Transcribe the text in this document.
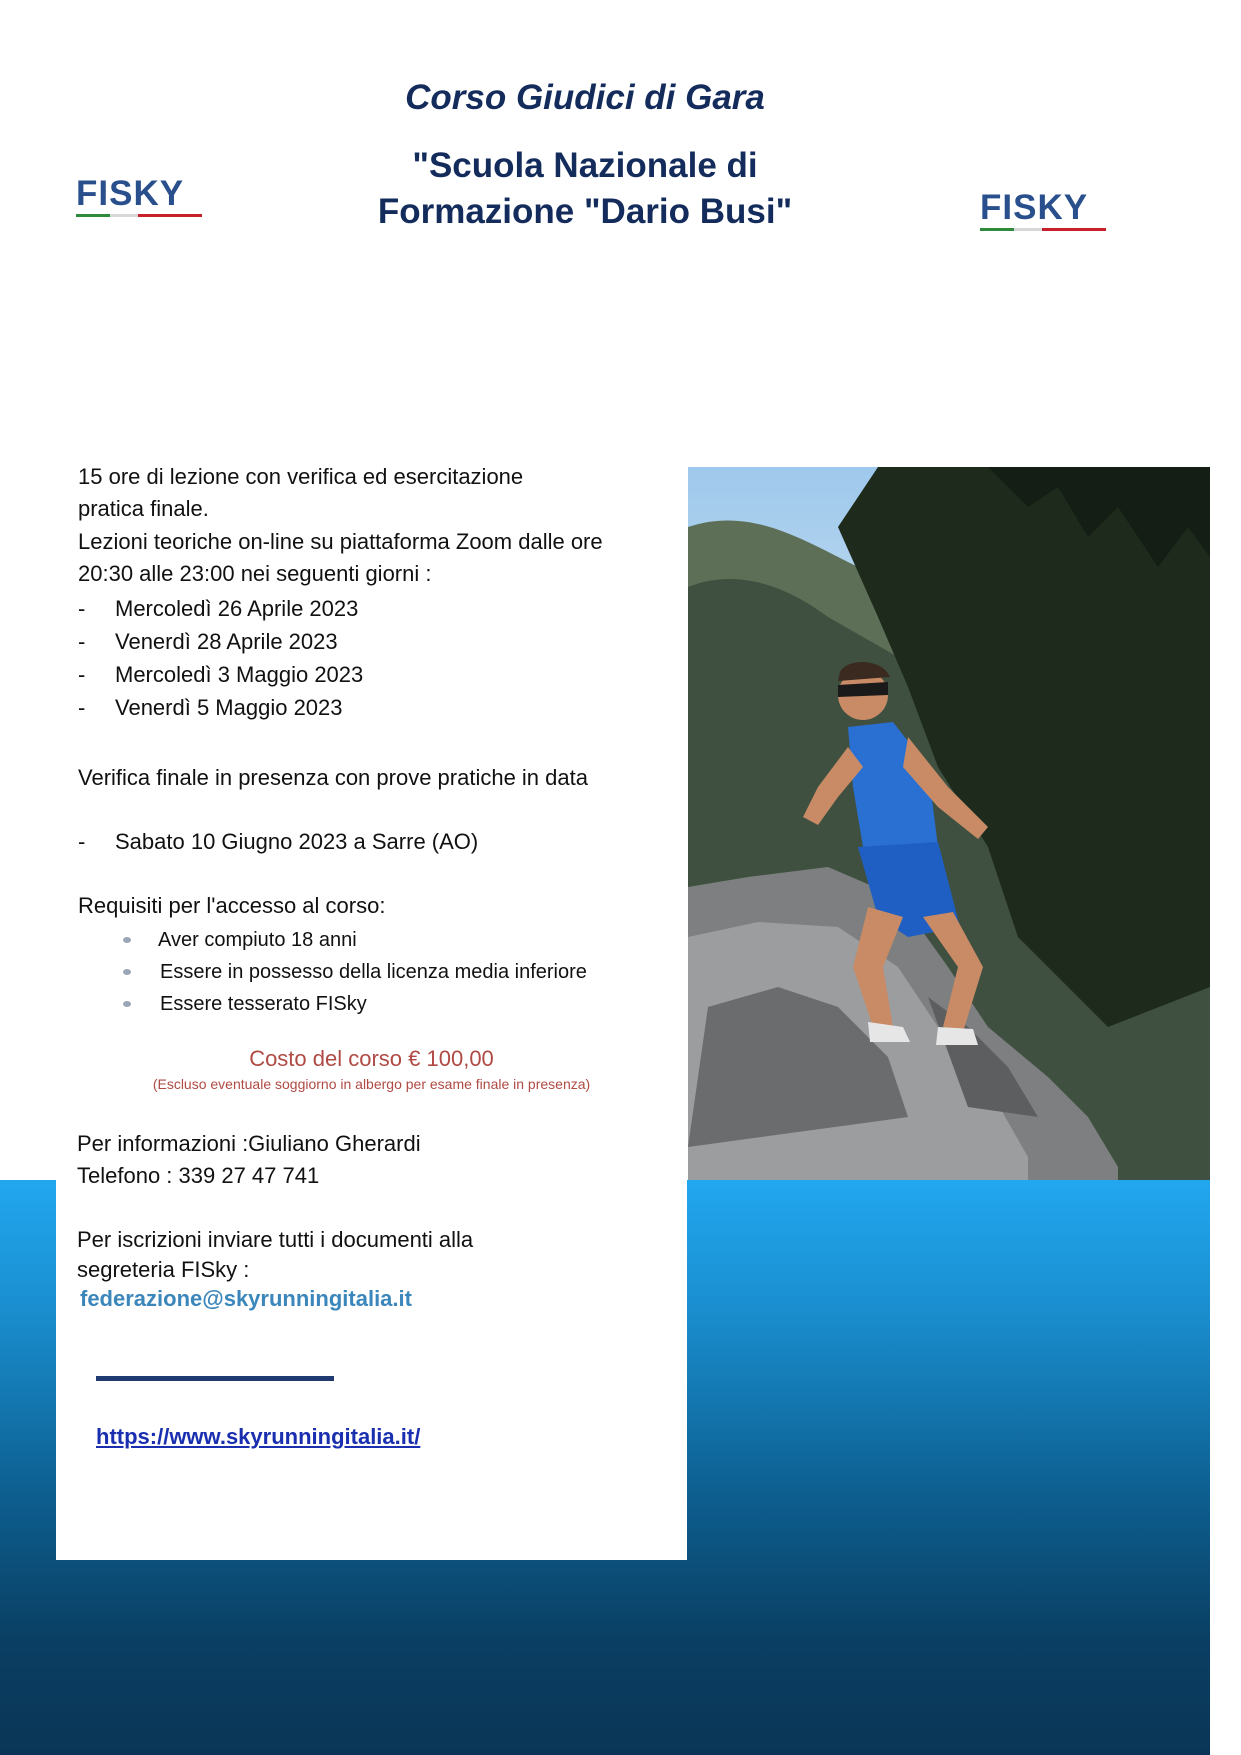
Corso Giudici di Gara
"Scuola Nazionale di
Formazione "Dario Busi"
FISKY	FISKY
15 ore di lezione con verifica ed esercitazione
pratica finale.
Lezioni teoriche on-line su piattaforma Zoom dalle ore
20:30 alle 23:00 nei seguenti giorni :
- Mercoledì 26 Aprile 2023
- Venerdì 28 Aprile 2023
- Mercoledì 3 Maggio 2023
- Venerdì 5 Maggio 2023
Verifica finale in presenza con prove pratiche in data
- Sabato 10 Giugno 2023 a Sarre (AO)
Requisiti per l'accesso al corso:
Aver compiuto 18 anni
Essere in possesso della licenza media inferiore
Essere tesserato FISky
Costo del corso € 100,00
(Escluso eventuale soggiorno in albergo per esame finale in presenza)
Per informazioni :Giuliano Gherardi
Telefono : 339 27 47 741
Per iscrizioni inviare tutti i documenti alla
segreteria FISky :
federazione@skyrunningitalia.it
https://www.skyrunningitalia.it/
